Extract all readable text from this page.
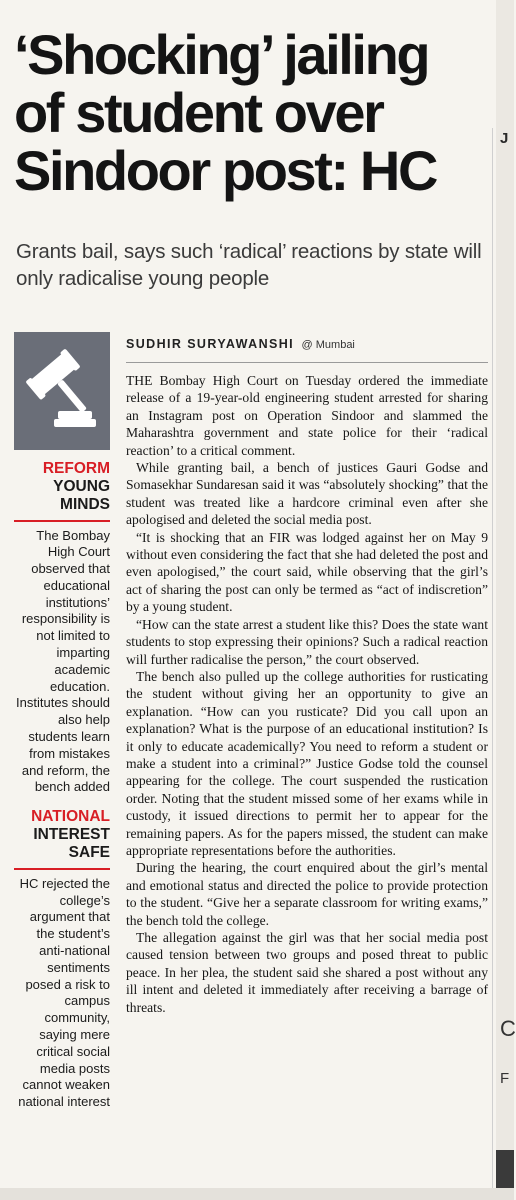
‘Shocking’ jailing of student over Sindoor post: HC

Grants bail, says such ‘radical’ reactions by state will only radicalise young people

REFORM
YOUNG MINDS

The Bombay High Court observed that educational institutions’ responsibility is not limited to imparting academic education. Institutes should also help students learn from mistakes and reform, the bench added

NATIONAL
INTEREST SAFE

HC rejected the college’s argument that the student’s anti-national sentiments posed a risk to campus community, saying mere critical social media posts cannot weaken national interest

SUDHIR SURYAWANSHI @ Mumbai

THE Bombay High Court on Tuesday ordered the immediate release of a 19-year-old engineering student arrested for sharing an Instagram post on Operation Sindoor and slammed the Maharashtra government and state police for their ‘radical reaction’ to a critical comment.

While granting bail, a bench of justices Gauri Godse and Somasekhar Sundaresan said it was “absolutely shocking” that the student was treated like a hardcore criminal even after she apologised and deleted the social media post.

“It is shocking that an FIR was lodged against her on May 9 without even considering the fact that she had deleted the post and even apologised,” the court said, while observing that the girl’s act of sharing the post can only be termed as “act of indiscretion” by a young student.

“How can the state arrest a student like this? Does the state want students to stop expressing their opinions? Such a radical reaction will further radicalise the person,” the court observed.

The bench also pulled up the college authorities for rusticating the student without giving her an opportunity to give an explanation. “How can you rusticate? Did you call upon an explanation? What is the purpose of an educational institution? Is it only to educate academically? You need to reform a student or make a student into a criminal?” Justice Godse told the counsel appearing for the college. The court suspended the rustication order. Noting that the student missed some of her exams while in custody, it issued directions to permit her to appear for the remaining papers. As for the papers missed, the student can make appropriate representations before the authorities.

During the hearing, the court enquired about the girl’s mental and emotional status and directed the police to provide protection to the student. “Give her a separate classroom for writing exams,” the bench told the college.

The allegation against the girl was that her social media post caused tension between two groups and posed threat to public peace. In her plea, the student said she shared a post without any ill intent and deleted it immediately after receiving a barrage of threats.

J
C
F
